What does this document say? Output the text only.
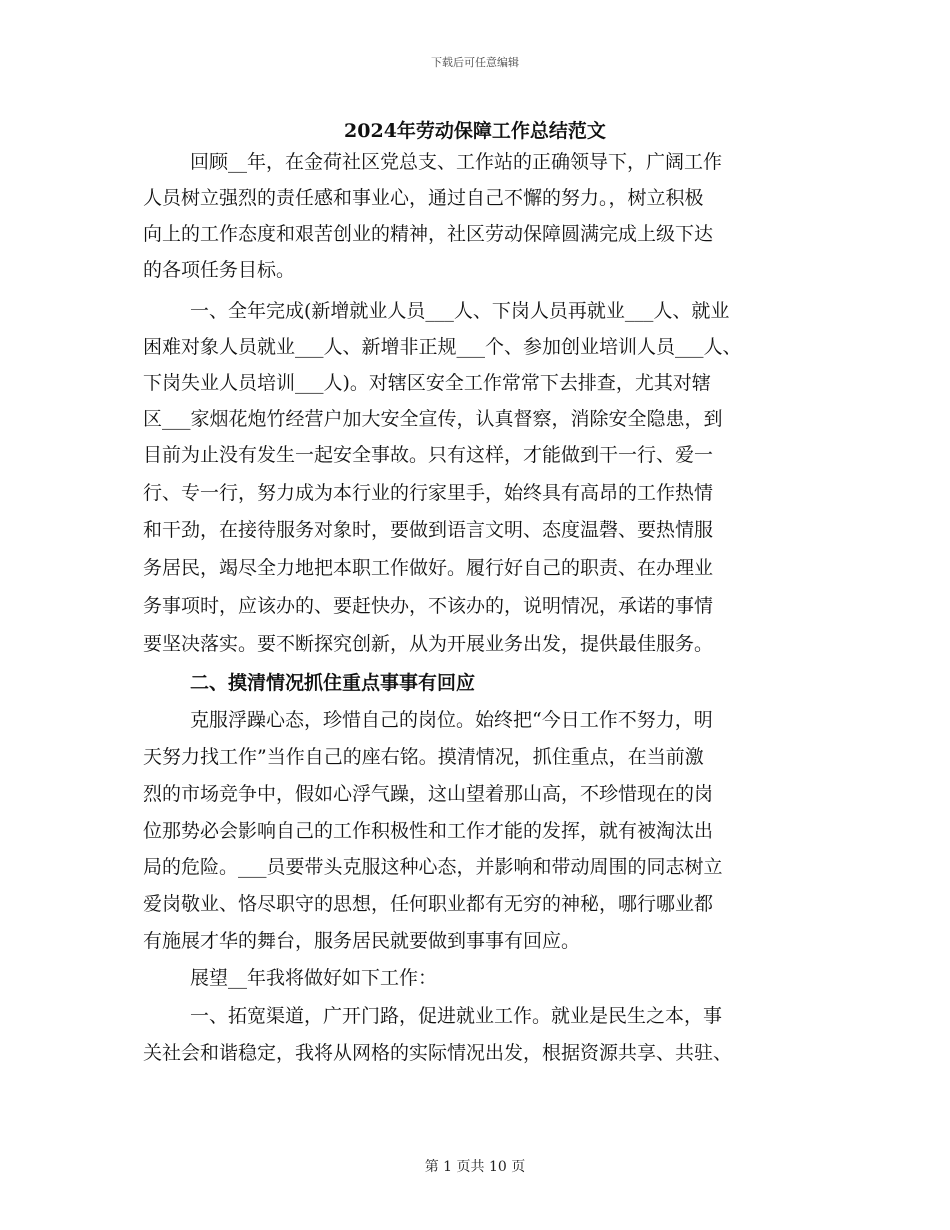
下载后可任意编辑
2024年劳动保障工作总结范文

回顾__年，在金荷社区党总支、工作站的正确领导下，广阔工作

人员树立强烈的责任感和事业心，通过自己不懈的努力。，树立积极

向上的工作态度和艰苦创业的精神，社区劳动保障圆满完成上级下达

的各项任务目标。

一、全年完成(新增就业人员___人、下岗人员再就业___人、就业

困难对象人员就业___人、新增非正规___个、参加创业培训人员___人、

下岗失业人员培训___人)。对辖区安全工作常常下去排查，尤其对辖

区___家烟花炮竹经营户加大安全宣传，认真督察，消除安全隐患，到

目前为止没有发生一起安全事故。只有这样，才能做到干一行、爱一

行、专一行，努力成为本行业的行家里手，始终具有高昂的工作热情

和干劲，在接待服务对象时，要做到语言文明、态度温磬、要热情服

务居民，竭尽全力地把本职工作做好。履行好自己的职责、在办理业

务事项时，应该办的、要赶快办，不该办的，说明情况，承诺的事情

要坚决落实。要不断探究创新，从为开展业务出发，提供最佳服务。

二、摸清情况抓住重点事事有回应

克服浮躁心态，珍惜自己的岗位。始终把“今日工作不努力，明

天努力找工作”当作自己的座右铭。摸清情况，抓住重点，在当前激

烈的市场竞争中，假如心浮气躁，这山望着那山高，不珍惜现在的岗

位那势必会影响自己的工作积极性和工作才能的发挥，就有被淘汰出

局的危险。___员要带头克服这种心态，并影响和带动周围的同志树立

爱岗敬业、恪尽职守的思想，任何职业都有无穷的神秘，哪行哪业都

有施展才华的舞台，服务居民就要做到事事有回应。

展望__年我将做好如下工作：

一、拓宽渠道，广开门路，促进就业工作。就业是民生之本，事

关社会和谐稳定，我将从网格的实际情况出发，根据资源共享、共驻、

第 1 页共 10 页
